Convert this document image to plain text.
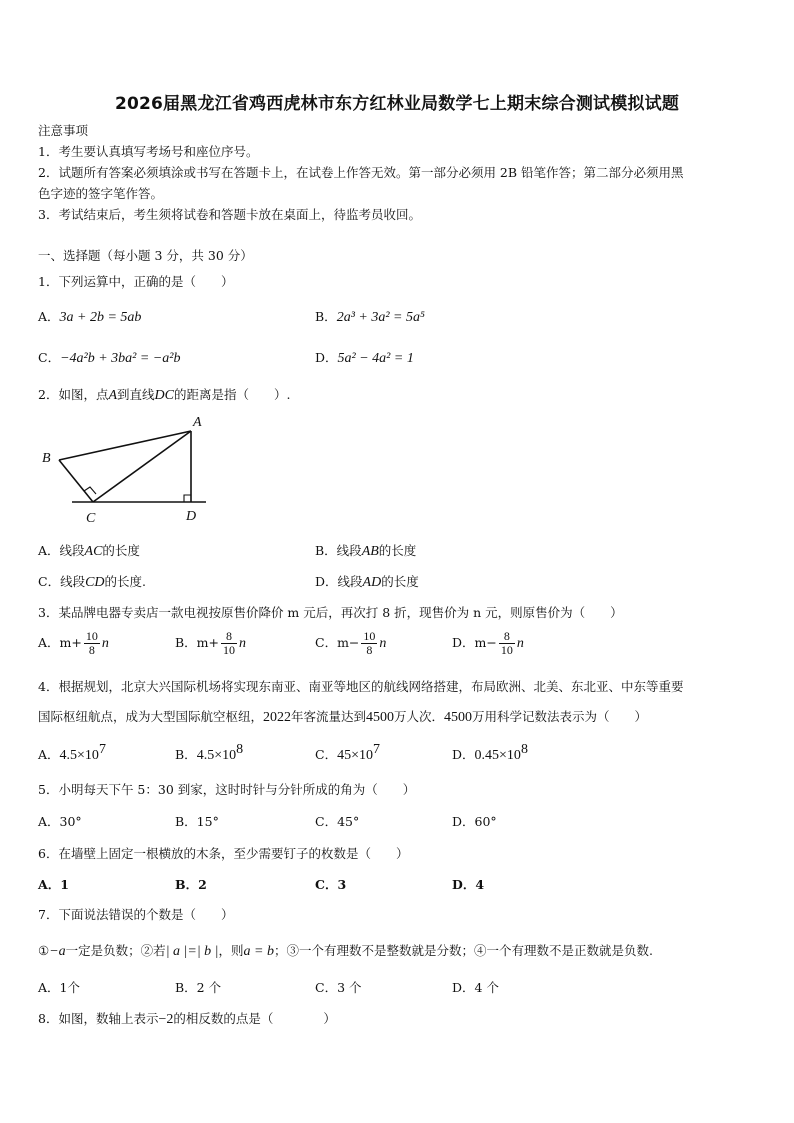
2026届黑龙江省鸡西虎林市东方红林业局数学七上期末综合测试模拟试题
注意事项
1．考生要认真填写考场号和座位序号。
2．试题所有答案必须填涂或书写在答题卡上，在试卷上作答无效。第一部分必须用 2B 铅笔作答；第二部分必须用黑
色字迹的签字笔作答。
3．考试结束后，考生须将试卷和答题卡放在桌面上，待监考员收回。
一、选择题（每小题 3 分，共 30 分）
1．下列运算中，正确的是（　　）
A．3a + 2b = 5ab	B．2a³ + 3a² = 5a⁵
C．−4a²b + 3ba² = −a²b	D．5a² − 4a² = 1
2．如图，点A到直线DC的距离是指（　　）.
A
B
C	D
A．线段AC的长度	B．线段AB的长度
C．线段CD的长度.	D．线段AD的长度
3．某品牌电器专卖店一款电视按原售价降价 m 元后，再次打 8 折，现售价为 n 元，则原售价为（　　）
A．$m+ \frac{10}{8}$ n	B．$m+ \frac{8}{10}$ n	C．$m- \frac{10}{8}$ n	D．$m- \frac{8}{10}$ n
4．根据规划，北京大兴国际机场将实现东南亚、南亚等地区的航线网络搭建，布局欧洲、北美、东北亚、中东等重要
国际枢纽航点，成为大型国际航空枢纽，2022年客流量达到4500万人次．4500万用科学记数法表示为（　　）
A．$4.5\times 10^7$	B．$4.5\times 10^8$	C．$45\times 10^7$	D．$0.45\times 10^8$
5．小明每天下午 5：30 到家，这时时针与分针所成的角为（　　）
A．30°	B．15°	C．45°	D．60°
6．在墙壁上固定一根横放的木条，至少需要钉子的枚数是（　　）
A．1	B．2	C．3	D．4
7．下面说法错误的个数是（　　）
①−a一定是负数；②若| a |=| b |，则a = b；③一个有理数不是整数就是分数；④一个有理数不是正数就是负数.
A．1个	B．2 个	C．3 个	D．4 个
8．如图，数轴上表示−2的相反数的点是（　　　　）
